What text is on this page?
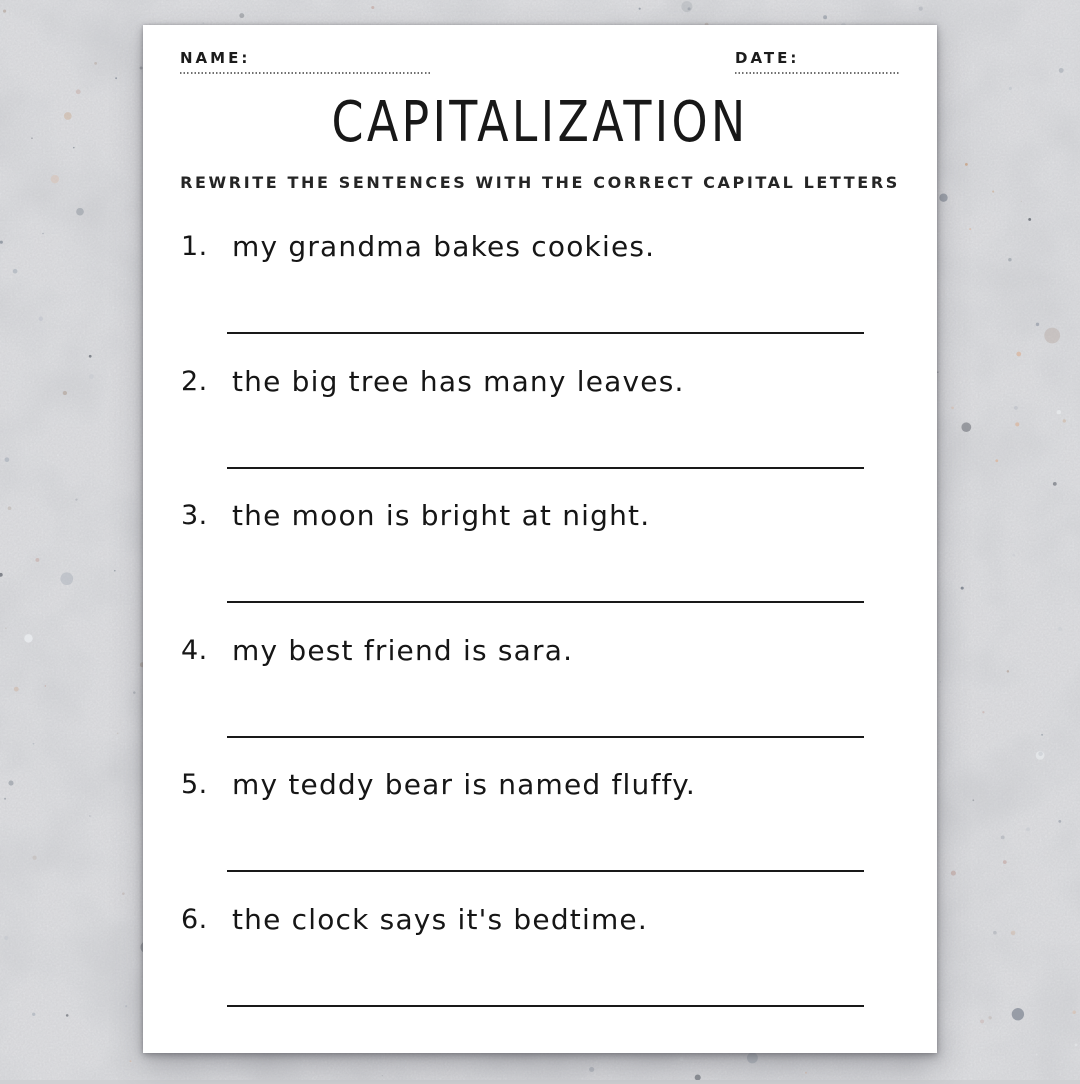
NAME:	DATE:
CAPITALIZATION
REWRITE THE SENTENCES WITH THE CORRECT CAPITAL LETTERS
1. my grandma bakes cookies.
2. the big tree has many leaves.
3. the moon is bright at night.
4. my best friend is sara.
5. my teddy bear is named fluffy.
6. the clock says it's bedtime.
